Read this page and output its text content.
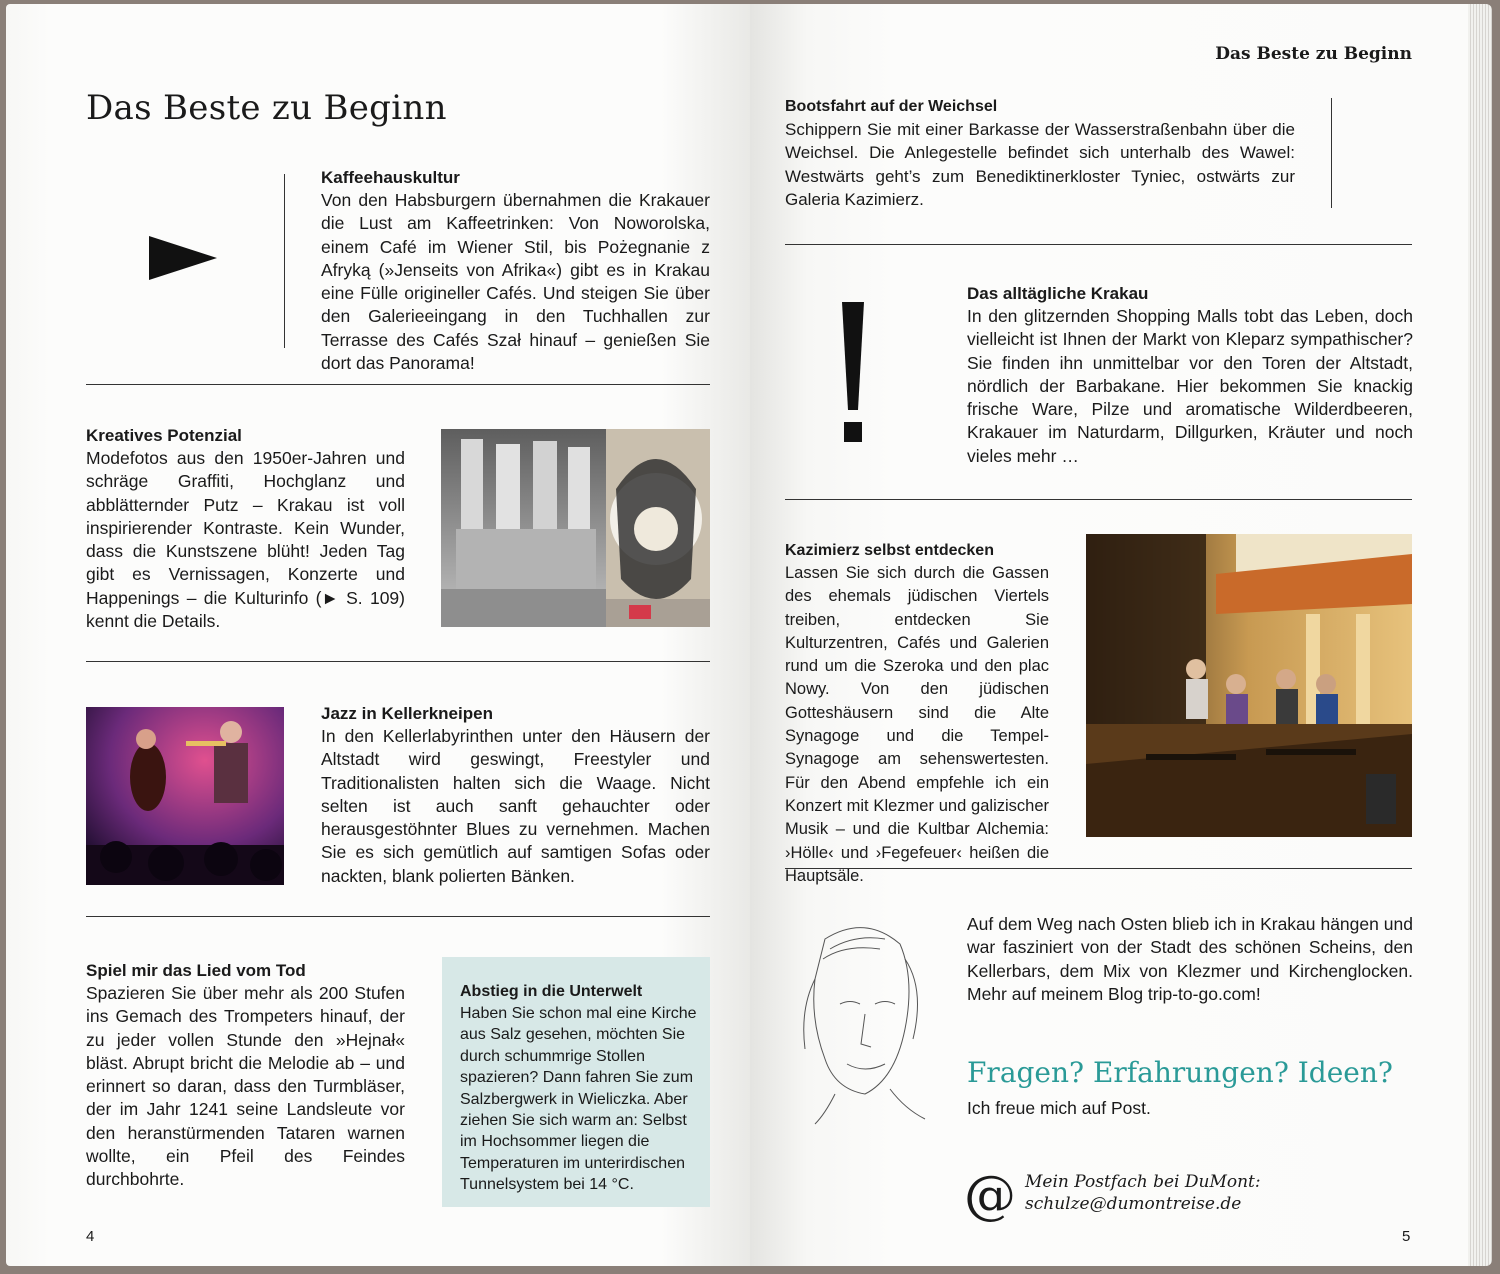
Das Beste zu Beginn

Kaffeehauskultur

Von den Habsburgern übernahmen die Krakauer die Lust am Kaffeetrinken: Von Noworolska, einem Café im Wiener Stil, bis Pożegnanie z Afryką (»Jenseits von Afrika«) gibt es in Krakau eine Fülle origineller Cafés. Und steigen Sie über den Galerieeingang in den Tuchhallen zur Terrasse des Cafés Szał hinauf – genießen Sie dort das Panorama!

Kreatives Potenzial

Modefotos aus den 1950er-Jahren und schräge Graffiti, Hochglanz und abblätternder Putz – Krakau ist voll inspirierender Kontraste. Kein Wunder, dass die Kunstszene blüht! Jeden Tag gibt es Vernissagen, Konzerte und Happenings – die Kulturinfo (► S. 109) kennt die Details.

Jazz in Kellerkneipen

In den Kellerlabyrinthen unter den Häusern der Altstadt wird geswingt, Freestyler und Traditionalisten halten sich die Waage. Nicht selten ist auch sanft gehauchter oder herausgestöhnter Blues zu vernehmen. Machen Sie es sich gemütlich auf samtigen Sofas oder nackten, blank polierten Bänken.

Spiel mir das Lied vom Tod

Spazieren Sie über mehr als 200 Stufen ins Gemach des Trompeters hinauf, der zu jeder vollen Stunde den »Hejnał« bläst. Abrupt bricht die Melodie ab – und erinnert so daran, dass den Turmbläser, der im Jahr 1241 seine Landsleute vor den heranstürmenden Tataren warnen wollte, ein Pfeil des Feindes durchbohrte.

Abstieg in die Unterwelt

Haben Sie schon mal eine Kirche aus Salz gesehen, möchten Sie durch schummrige Stollen spazieren? Dann fahren Sie zum Salzbergwerk in Wieliczka. Aber ziehen Sie sich warm an: Selbst im Hochsommer liegen die Temperaturen im unterirdischen Tunnelsystem bei 14 °C.

4
Das Beste zu Beginn

Bootsfahrt auf der Weichsel

Schippern Sie mit einer Barkasse der Wasserstraßenbahn über die Weichsel. Die Anlegestelle befindet sich unterhalb des Wawel: Westwärts geht’s zum Benediktinerkloster Tyniec, ostwärts zur Galeria Kazimierz.

Das alltägliche Krakau

In den glitzernden Shopping Malls tobt das Leben, doch vielleicht ist Ihnen der Markt von Kleparz sympathischer? Sie finden ihn unmittelbar vor den Toren der Altstadt, nördlich der Barbakane. Hier bekommen Sie knackig frische Ware, Pilze und aromatische Wilderdbeeren, Krakauer im Naturdarm, Dillgurken, Kräuter und noch vieles mehr …

Kazimierz selbst entdecken

Lassen Sie sich durch die Gassen des ehemals jüdischen Viertels treiben, entdecken Sie Kulturzentren, Cafés und Galerien rund um die Szeroka und den plac Nowy. Von den jüdischen Gotteshäusern sind die Alte Synagoge und die Tempel-Synagoge am sehenswertesten. Für den Abend empfehle ich ein Konzert mit Klezmer und galizischer Musik – und die Kultbar Alchemia: ›Hölle‹ und ›Fegefeuer‹ heißen die Hauptsäle.

Auf dem Weg nach Osten blieb ich in Krakau hängen und war fasziniert von der Stadt des schönen Scheins, den Kellerbars, dem Mix von Klezmer und Kirchenglocken. Mehr auf meinem Blog trip-to-go.com!

Fragen? Erfahrungen? Ideen?
Ich freue mich auf Post.
@ Mein Postfach bei DuMont:
schulze@dumontreise.de
5
